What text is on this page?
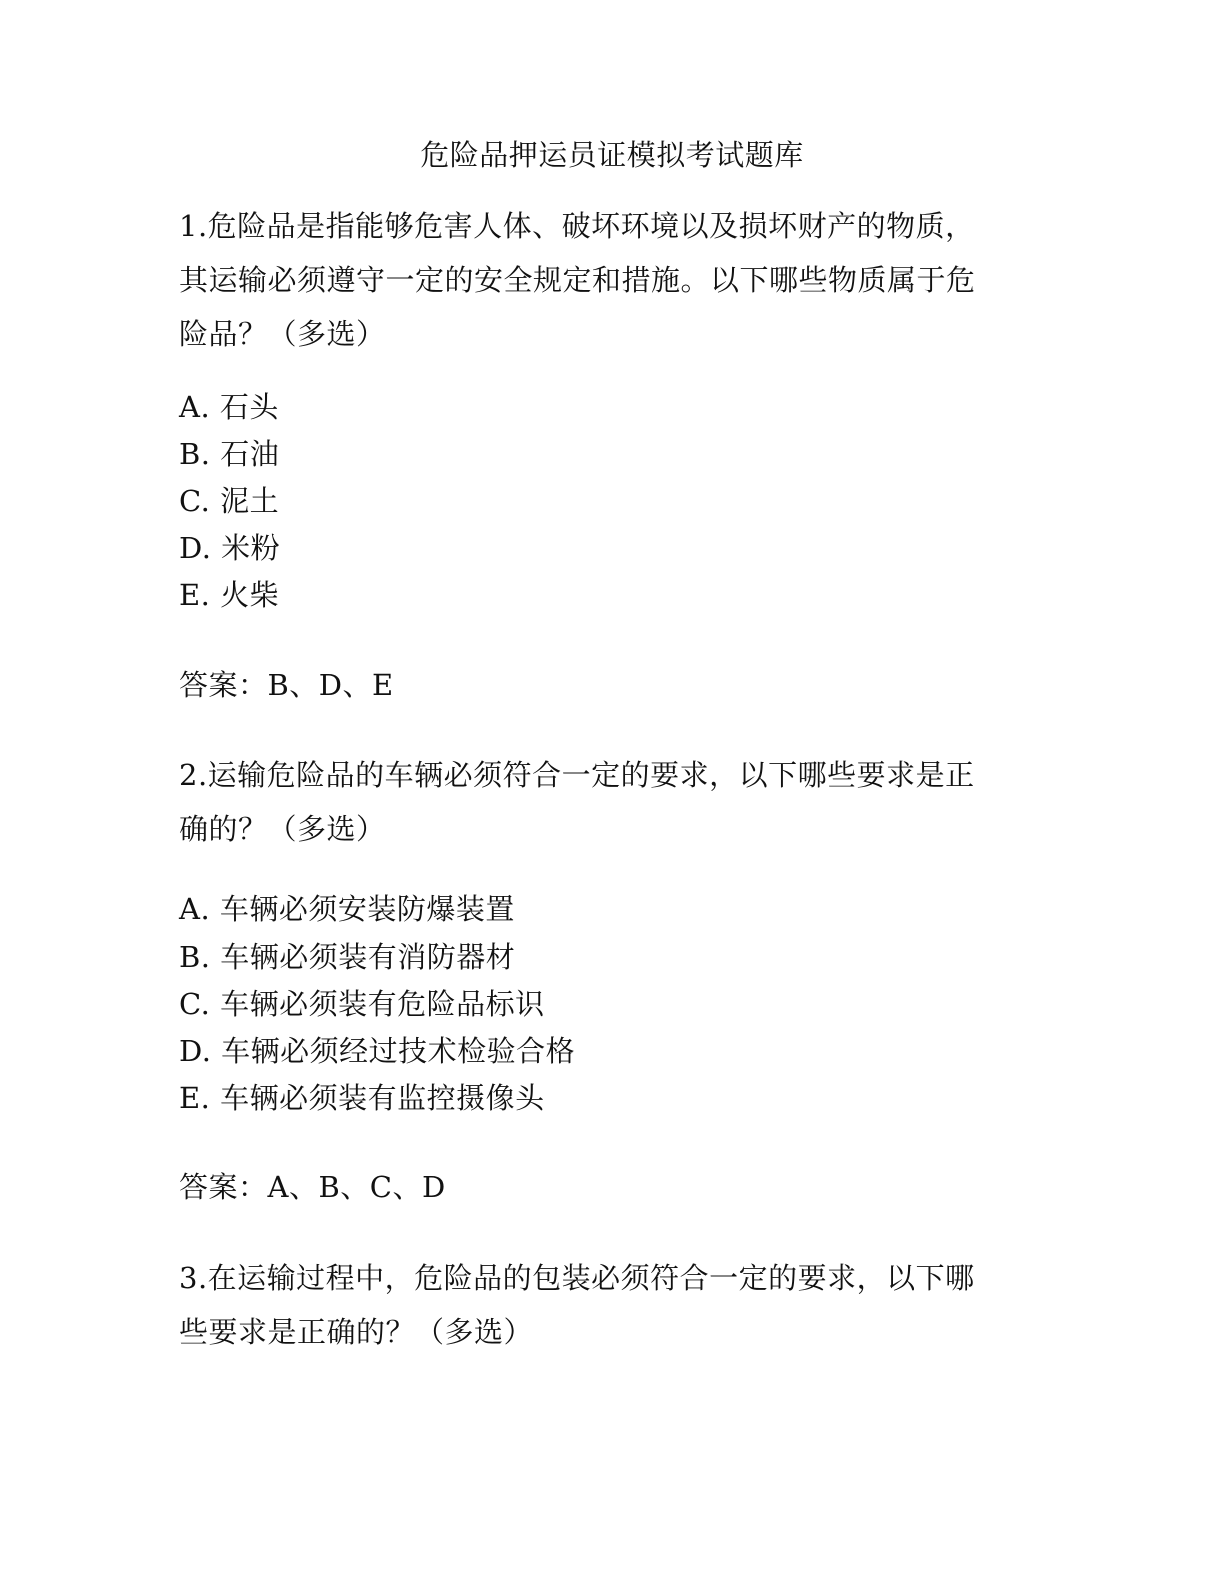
危险品押运员证模拟考试题库
1.危险品是指能够危害人体、破坏环境以及损坏财产的物质，
其运输必须遵守一定的安全规定和措施。以下哪些物质属于危
险品？（多选）
A. 石头
B. 石油
C. 泥土
D. 米粉
E. 火柴
答案：B、D、E
2.运输危险品的车辆必须符合一定的要求，以下哪些要求是正
确的？（多选）
A. 车辆必须安装防爆装置
B. 车辆必须装有消防器材
C. 车辆必须装有危险品标识
D. 车辆必须经过技术检验合格
E. 车辆必须装有监控摄像头
答案：A、B、C、D
3.在运输过程中，危险品的包装必须符合一定的要求，以下哪
些要求是正确的？（多选）
